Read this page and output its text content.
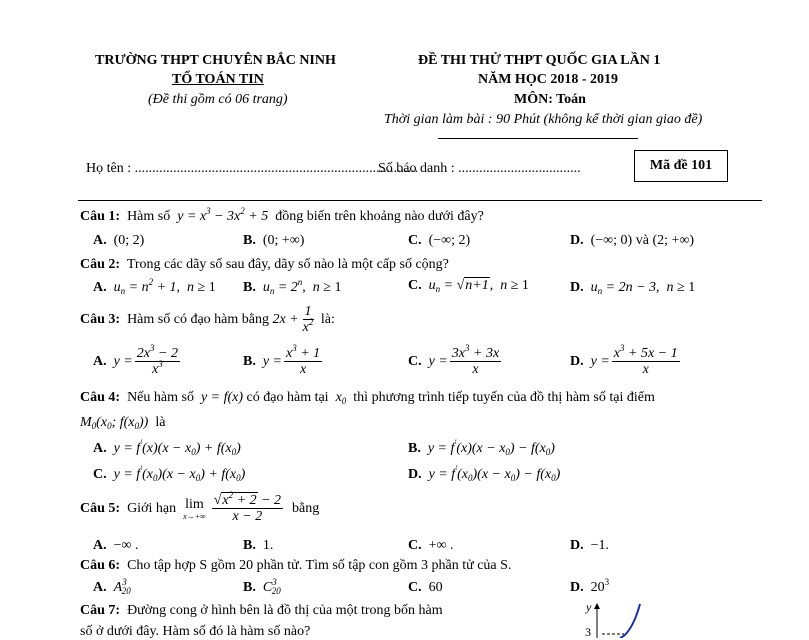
TRƯỜNG THPT CHUYÊN BẮC NINH
TỔ TOÁN TIN
(Đề thi gồm có 06 trang)
ĐỀ THI THỬ THPT QUỐC GIA LẦN 1
NĂM HỌC 2018 - 2019
MÔN: Toán
Thời gian làm bài : 90 Phút (không kể thời gian giao đề)
Họ tên : .................................................................................
Số báo danh : ...................................	Mã đề 101
Câu 1: Hàm số  $y = x^3 - 3x^2 + 5$  đồng biến trên khoảng nào dưới đây?
A.  (0; 2)	B.  (0; +∞)	C.  (−∞; 2)	D.  (−∞; 0) và (2; +∞)
Câu 2: Trong các dãy số sau đây, dãy số nào là một cấp số cộng?
A. $u_n = n^2 + 1$,  n ≥ 1 B. $u_n = 2^n$,  n ≥ 1	C. $u_n = √n+1$,  n ≥ 1	D. $u_n = 2n - 3$,  n ≥ 1
Câu 3: Hàm số có đạo hàm bằng $2x + \frac{1}{x^2}$ là:
A. $y = \frac{2x^3 - 2}{x^3}$	B. $y = \frac{x^3 + 1}{x}$	C. $y = \frac{3x^3 + 3x}{x}$	D. $y = \frac{x^3 + 5x - 1}{x}$
Câu 4: Nếu hàm số  y = f(x) có đạo hàm tại  $x_0$ thì phương trình tiếp tuyến của đồ thị hàm số tại điểm
$M_0(x_0$; $f(x_0)$) là
A. $y = f'(x)(x - x_0) + f(x_0)$	B. $y = f'(x)(x - x_0) - f(x_0)$
C. $y = f'(x_0)(x - x_0) + f(x_0)$	D. $y = f'(x_0)(x - x_0) - f(x_0)$
Câu 5: Giới hạn lim
$x\to+\infty \frac{√x^2 + 2 - 2}{x - 2}$ bằng
A. −∞ .	B. 1.	C. +∞ .	D. −1.
Câu 6: Cho tập hợp S gồm 20 phần tử. Tìm số tập con gồm 3 phần tử của S.
A. $A^3_{20}$	B. $C^3_{20}$	C. 60	D.  $20^3$
Câu 7: Đường cong ở hình bên là đồ thị của một trong bốn hàm
số ở dưới đây. Hàm số đó là hàm số nào?
y
3
